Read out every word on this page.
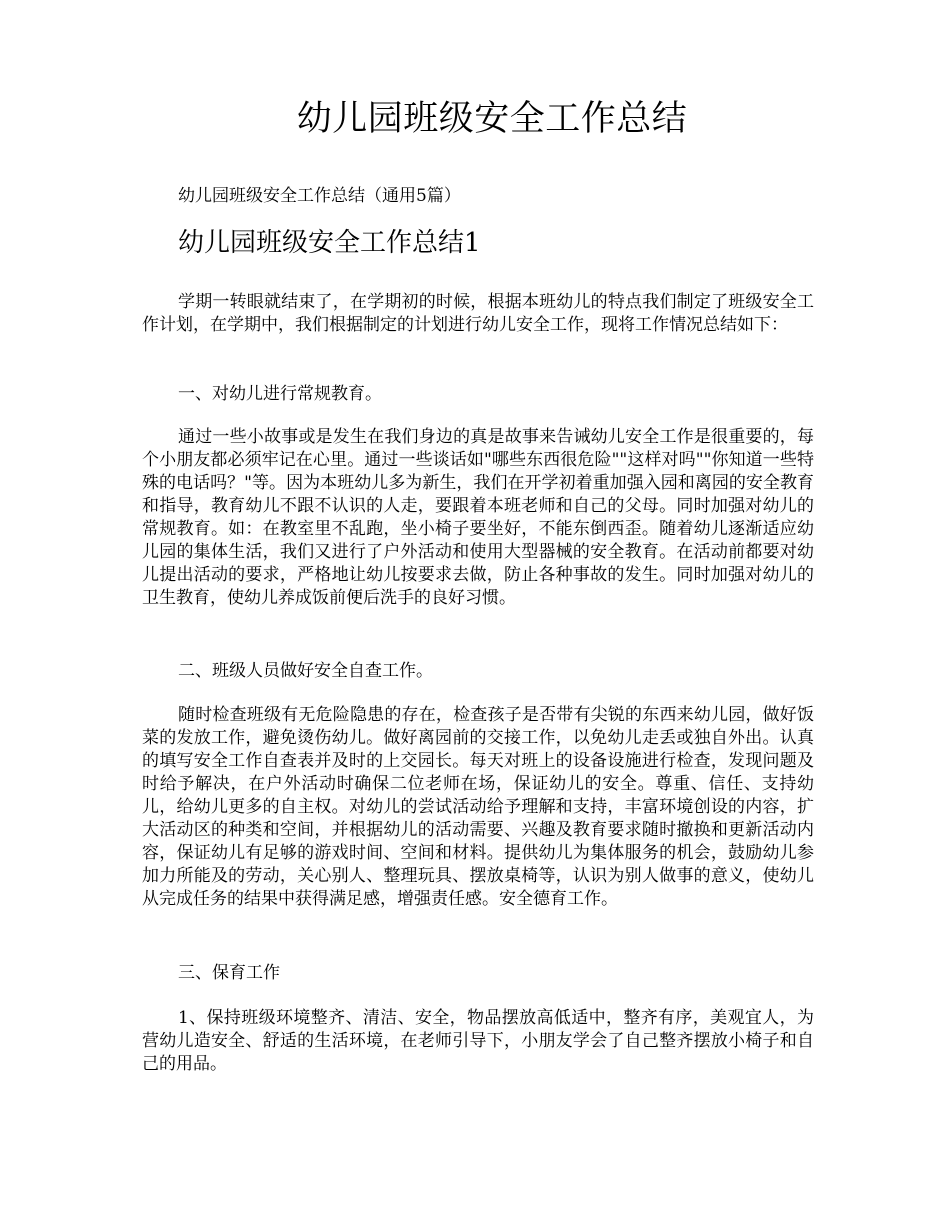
幼儿园班级安全工作总结

幼儿园班级安全工作总结（通用5篇）

幼儿园班级安全工作总结1

学期一转眼就结束了，在学期初的时候，根据本班幼儿的特点我们制定了班级安全工作计划，在学期中，我们根据制定的计划进行幼儿安全工作，现将工作情况总结如下：

一、对幼儿进行常规教育。

通过一些小故事或是发生在我们身边的真是故事来告诫幼儿安全工作是很重要的，每个小朋友都必须牢记在心里。通过一些谈话如"哪些东西很危险""这样对吗""你知道一些特殊的电话吗？"等。因为本班幼儿多为新生，我们在开学初着重加强入园和离园的安全教育和指导，教育幼儿不跟不认识的人走，要跟着本班老师和自己的父母。同时加强对幼儿的常规教育。如：在教室里不乱跑，坐小椅子要坐好，不能东倒西歪。随着幼儿逐渐适应幼儿园的集体生活，我们又进行了户外活动和使用大型器械的安全教育。在活动前都要对幼儿提出活动的要求，严格地让幼儿按要求去做，防止各种事故的发生。同时加强对幼儿的卫生教育，使幼儿养成饭前便后洗手的良好习惯。

二、班级人员做好安全自查工作。

随时检查班级有无危险隐患的存在，检查孩子是否带有尖锐的东西来幼儿园，做好饭菜的发放工作，避免烫伤幼儿。做好离园前的交接工作，以免幼儿走丢或独自外出。认真的填写安全工作自查表并及时的上交园长。每天对班上的设备设施进行检查，发现问题及时给予解决，在户外活动时确保二位老师在场，保证幼儿的安全。尊重、信任、支持幼儿，给幼儿更多的自主权。对幼儿的尝试活动给予理解和支持，丰富环境创设的内容，扩大活动区的种类和空间，并根据幼儿的活动需要、兴趣及教育要求随时撤换和更新活动内容，保证幼儿有足够的游戏时间、空间和材料。提供幼儿为集体服务的机会，鼓励幼儿参加力所能及的劳动，关心别人、整理玩具、摆放桌椅等，认识为别人做事的意义，使幼儿从完成任务的结果中获得满足感，增强责任感。安全德育工作。

三、保育工作

1、保持班级环境整齐、清洁、安全，物品摆放高低适中，整齐有序，美观宜人，为营幼儿造安全、舒适的生活环境，在老师引导下，小朋友学会了自己整齐摆放小椅子和自己的用品。
